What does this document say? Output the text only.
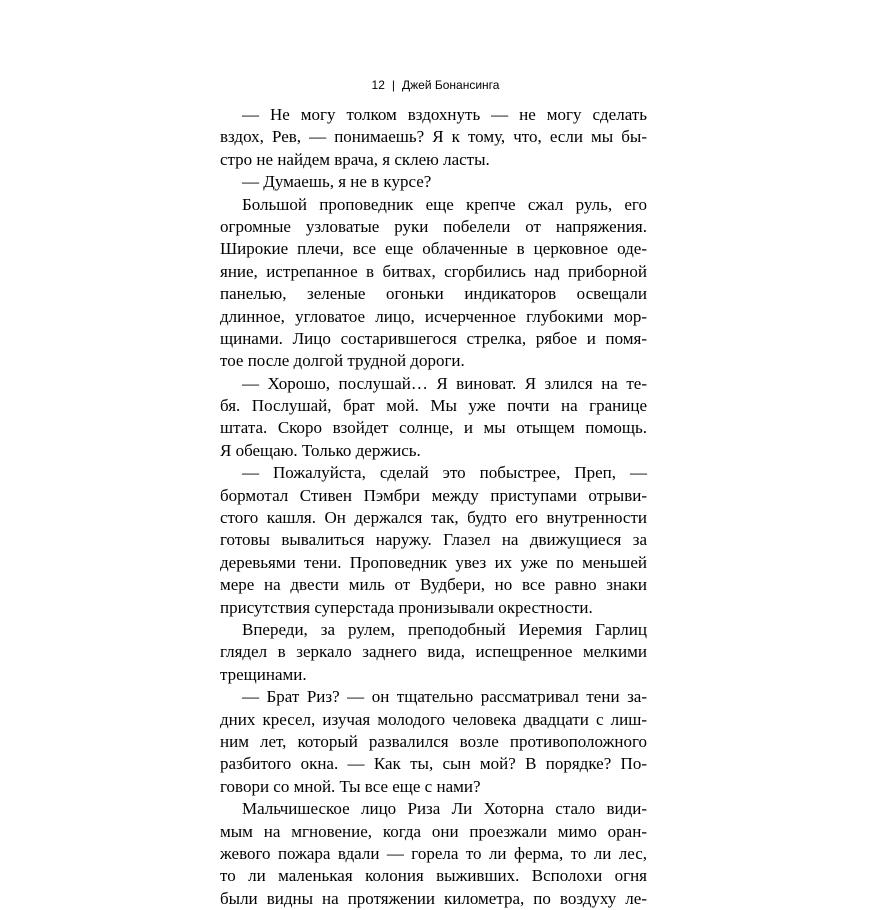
12 | Джей Бонансинга
— Не могу толком вздохнуть — не могу сделать
вздох, Рев, — понимаешь? Я к тому, что, если мы бы-
стро не найдем врача, я склею ласты.
— Думаешь, я не в курсе?
Большой проповедник еще крепче сжал руль, его
огромные узловатые руки побелели от напряжения.
Широкие плечи, все еще облаченные в церковное оде-
яние, истрепанное в битвах, сгорбились над приборной
панелью, зеленые огоньки индикаторов освещали
длинное, угловатое лицо, исчерченное глубокими мор-
щинами. Лицо состарившегося стрелка, рябое и помя-
тое после долгой трудной дороги.
— Хорошо, послушай… Я виноват. Я злился на те-
бя. Послушай, брат мой. Мы уже почти на границе
штата. Скоро взойдет солнце, и мы отыщем помощь.
Я обещаю. Только держись.
— Пожалуйста, сделай это побыстрее, Преп, —
бормотал Стивен Пэмбри между приступами отрыви-
стого кашля. Он держался так, будто его внутренности
готовы вывалиться наружу. Глазел на движущиеся за
деревьями тени. Проповедник увез их уже по меньшей
мере на двести миль от Вудбери, но все равно знаки
присутствия суперстада пронизывали окрестности.
Впереди, за рулем, преподобный Иеремия Гарлиц
глядел в зеркало заднего вида, испещренное мелкими
трещинами.
— Брат Риз? — он тщательно рассматривал тени за-
дних кресел, изучая молодого человека двадцати с лиш-
ним лет, который развалился возле противоположного
разбитого окна. — Как ты, сын мой? В порядке? По-
говори со мной. Ты все еще с нами?
Мальчишеское лицо Риза Ли Хоторна стало види-
мым на мгновение, когда они проезжали мимо оран-
жевого пожара вдали — горела то ли ферма, то ли лес,
то ли маленькая колония выживших. Всполохи огня
были видны на протяжении километра, по воздуху ле-
